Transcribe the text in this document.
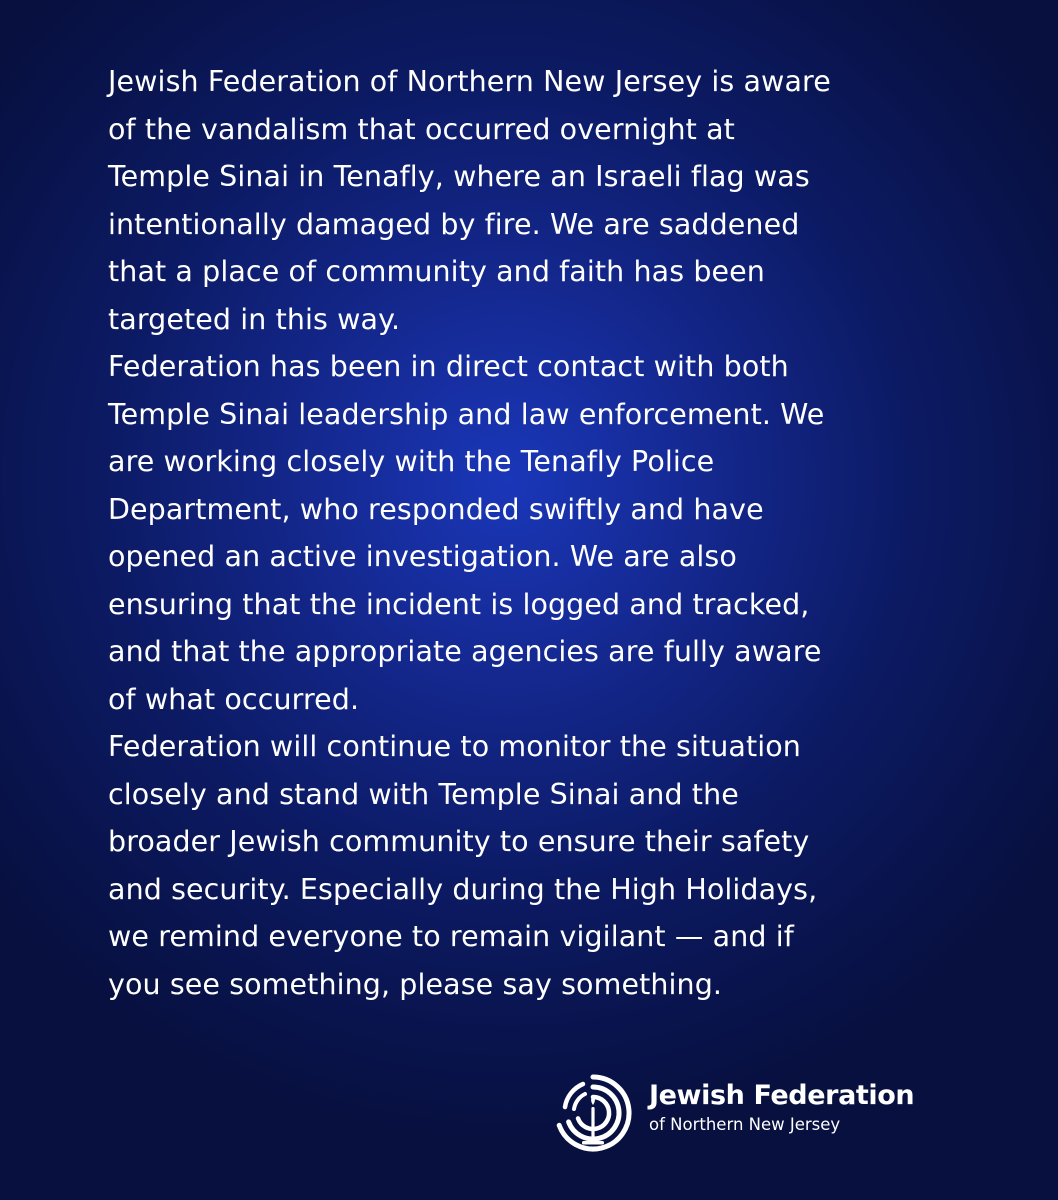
Jewish Federation of Northern New Jersey is aware

of the vandalism that occurred overnight at

Temple Sinai in Tenafly, where an Israeli flag was

intentionally damaged by fire. We are saddened

that a place of community and faith has been

targeted in this way.

Federation has been in direct contact with both

Temple Sinai leadership and law enforcement. We

are working closely with the Tenafly Police

Department, who responded swiftly and have

opened an active investigation. We are also

ensuring that the incident is logged and tracked,

and that the appropriate agencies are fully aware

of what occurred.

Federation will continue to monitor the situation

closely and stand with Temple Sinai and the

broader Jewish community to ensure their safety

and security. Especially during the High Holidays,

we remind everyone to remain vigilant — and if

you see something, please say something.

Jewish Federation
of Northern New Jersey
